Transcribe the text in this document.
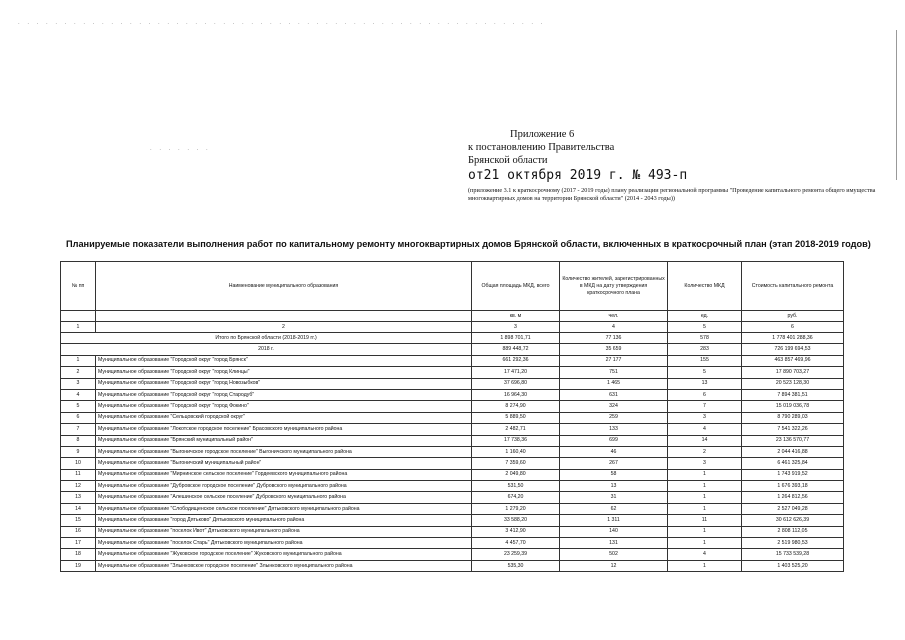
. . . . . . . . . . . . . . . . . . . . . . . . . . . . . . . . . . . . . . . . . . . . . . . . . . . . . . . . .
. . . . . . .
Приложение 6
к постановлению Правительства
Брянской области
от21 октября 2019 г. № 493-п
(приложение 3.1 к краткосрочному (2017 - 2019 годы) плану реализации региональной программы "Проведение капитального ремонта общего имущества многоквартирных домов на территории Брянской области" (2014 - 2043 годы))
Планируемые показатели выполнения работ по капитальному ремонту многоквартирных домов Брянской области, включенных в краткосрочный план (этап 2018-2019 годов)
№ пп	Наименование муниципального образования	Общая площадь МКД, всего	Количество жителей, зарегистрированных в МКД на дату утверждения краткосрочного плана	Количество МКД	Стоимость капитального ремонта
		кв. м	чел.	ед.	руб.
1	2	3	4	5	6
Итого по Брянской области (2018-2019 гг.)		1 898 701,71	77 136	578	1 778 401 288,36
2018 г.		889 448,72	35 659	283	726 199 694,53
1	Муниципальное образование "Городской округ "город Брянск"	661 292,36	27 177	155	463 857 469,96
2	Муниципальное образование "Городской округ "город Клинцы"	17 471,20	751	5	17 890 703,27
3	Муниципальное образование "Городской округ "город Новозыбков"	37 696,80	1 465	13	20 523 128,30
4	Муниципальное образование "Городской округ "город Стародуб"	16 964,30	631	6	7 894 381,51
5	Муниципальное образование "Городской округ "город Фокино"	8 274,90	324	7	15 019 036,78
6	Муниципальное образование "Сельцовский городской округ"	5 889,50	259	3	8 790 289,03
7	Муниципальное образование "Локотское городское поселение" Брасовского муниципального района	2 482,71	133	4	7 541 322,26
8	Муниципальное образование "Брянский муниципальный район"	17 738,36	699	14	23 136 570,77
9	Муниципальное образование "Выгоничское городское поселение" Выгоничского муниципального района	1 160,40	46	2	2 044 416,88
10	Муниципальное образование "Выгоничский муниципальный район"	7 359,60	267	3	6 461 325,84
11	Муниципальное образование "Мирнинское сельское поселение" Гордеевского муниципального района	2 049,80	58	1	1 743 919,52
12	Муниципальное образование "Дубровское городское поселение" Дубровского муниципального района	531,50	13	1	1 676 393,18
13	Муниципальное образование "Алешинское сельское поселение" Дубровского муниципального района	674,20	31	1	1 264 812,56
14	Муниципальное образование "Слободищенское сельское поселение" Дятьковского муниципального района	1 279,20	62	1	2 527 049,28
15	Муниципальное образование "город Дятьково" Дятьковского муниципального района	33 588,20	1 311	11	30 612 626,39
16	Муниципальное образование "поселок Ивот" Дятьковского муниципального района	3 412,90	140	1	2 808 112,05
17	Муниципальное образование "поселок Старь" Дятьковского муниципального района	4 457,70	131	1	2 519 980,53
18	Муниципальное образование "Жуковское городское поселение" Жуковского муниципального района	23 259,39	502	4	15 733 539,28
19	Муниципальное образование "Злынковское городское поселение" Злынковского муниципального района	535,30	12	1	1 403 525,20
